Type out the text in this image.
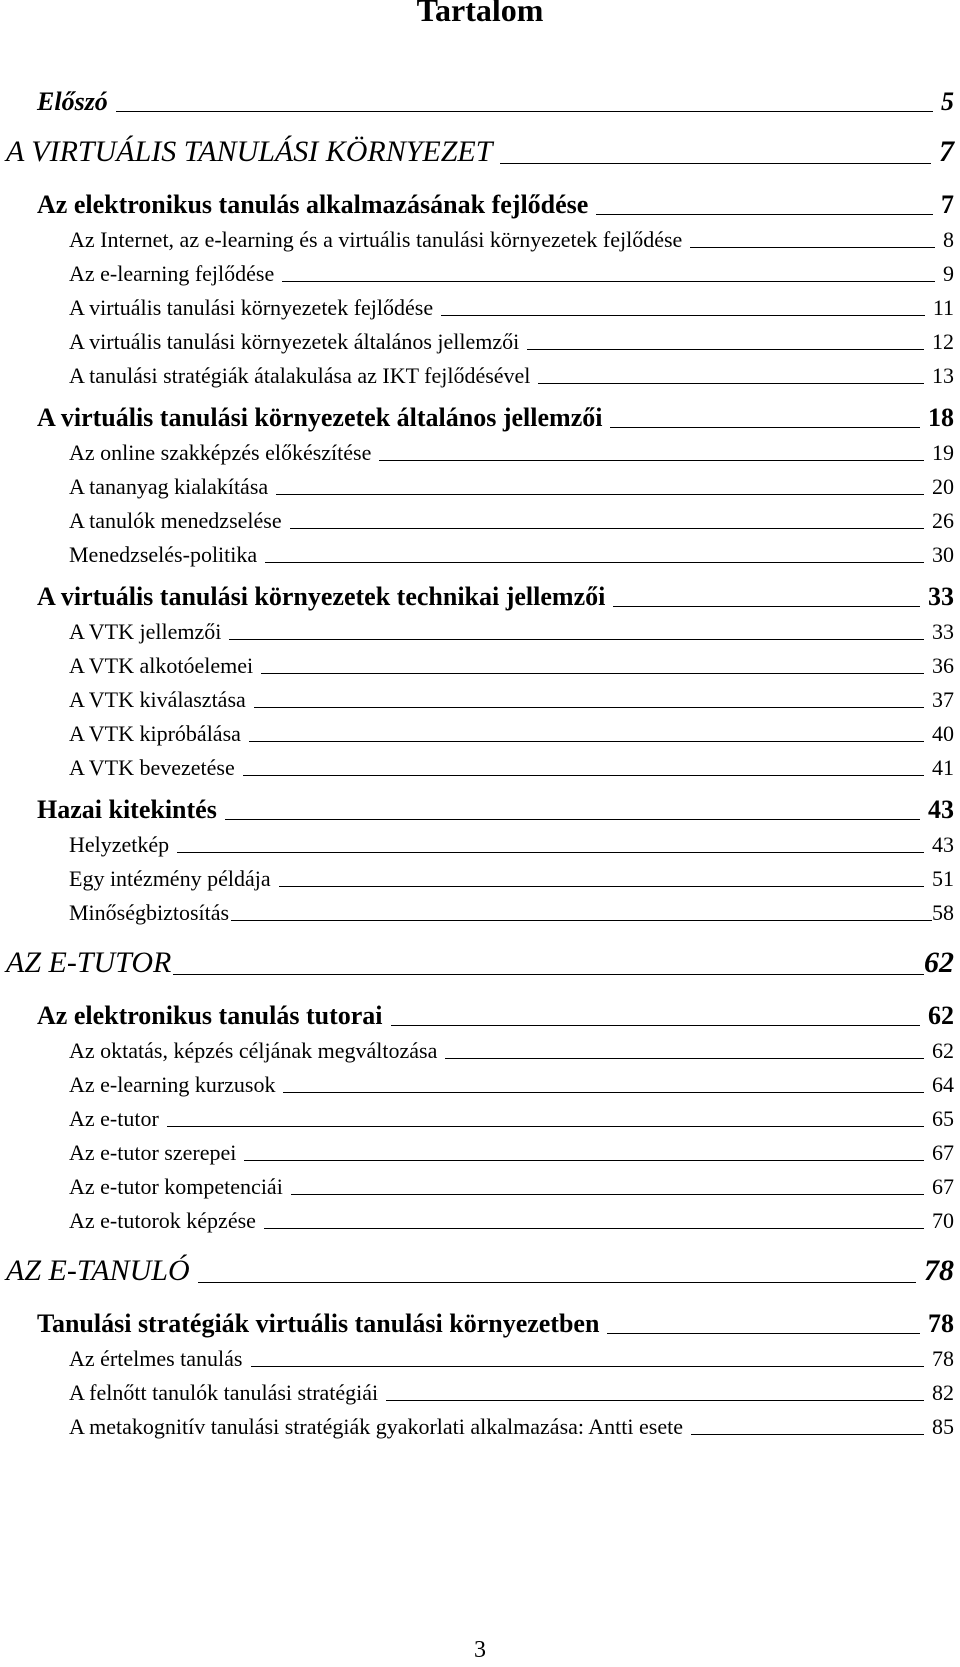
Tartalom
Előszó	5
A VIRTUÁLIS TANULÁSI KÖRNYEZET	7
Az elektronikus tanulás alkalmazásának fejlődése	7
Az Internet, az e-learning és a virtuális tanulási környezetek fejlődése	8
Az e-learning fejlődése	9
A virtuális tanulási környezetek fejlődése	11
A virtuális tanulási környezetek általános jellemzői	12
A tanulási stratégiák átalakulása az IKT fejlődésével	13
A virtuális tanulási környezetek általános jellemzői	18
Az online szakképzés előkészítése	19
A tananyag kialakítása	20
A tanulók menedzselése	26
Menedzselés-politika	30
A virtuális tanulási környezetek technikai jellemzői	33
A VTK jellemzői	33
A VTK alkotóelemei	36
A VTK kiválasztása	37
A VTK kipróbálása	40
A VTK bevezetése	41
Hazai kitekintés	43
Helyzetkép	43
Egy intézmény példája	51
Minőségbiztosítás	58
AZ E-TUTOR	62
Az elektronikus tanulás tutorai	62
Az oktatás, képzés céljának megváltozása	62
Az e-learning kurzusok	64
Az e-tutor	65
Az e-tutor szerepei	67
Az e-tutor kompetenciái	67
Az e-tutorok képzése	70
AZ E-TANULÓ	78
Tanulási stratégiák virtuális tanulási környezetben	78
Az értelmes tanulás	78
A felnőtt tanulók tanulási stratégiái	82
A metakognitív tanulási stratégiák gyakorlati alkalmazása: Antti esete	85
3
